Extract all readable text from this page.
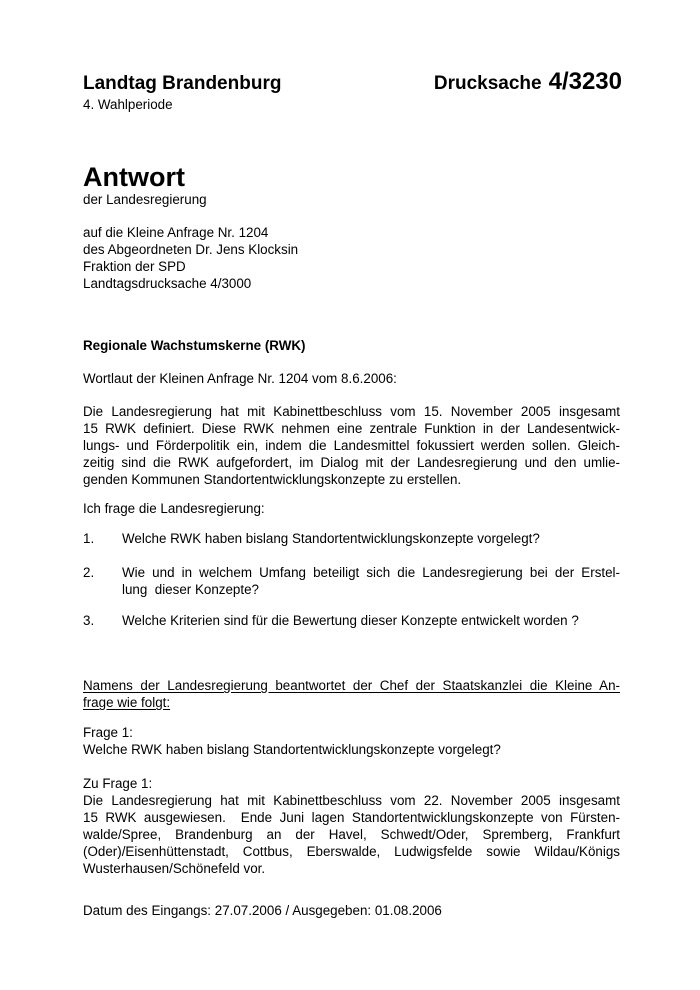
Landtag Brandenburg	Drucksache 4/3230
4. Wahlperiode
Antwort
der Landesregierung
auf die Kleine Anfrage Nr. 1204
des Abgeordneten Dr. Jens Klocksin
Fraktion der SPD
Landtagsdrucksache 4/3000
Regionale Wachstumskerne (RWK)
Wortlaut der Kleinen Anfrage Nr. 1204 vom 8.6.2006:
Die Landesregierung hat mit Kabinettbeschluss vom 15. November 2005 insgesamt
15 RWK definiert. Diese RWK nehmen eine zentrale Funktion in der Landesentwick-
lungs- und Förderpolitik ein, indem die Landesmittel fokussiert werden sollen. Gleich-
zeitig sind die RWK aufgefordert, im Dialog mit der Landesregierung und den umlie-
genden Kommunen Standortentwicklungskonzepte zu erstellen.
Ich frage die Landesregierung:
1.	Welche RWK haben bislang Standortentwicklungskonzepte vorgelegt?
2.	Wie und in welchem Umfang beteiligt sich die Landesregierung bei der Erstel-
lung  dieser Konzepte?
3.	Welche Kriterien sind für die Bewertung dieser Konzepte entwickelt worden ?
Namens der Landesregierung beantwortet der Chef der Staatskanzlei die Kleine An-
frage wie folgt:
Frage 1:
Welche RWK haben bislang Standortentwicklungskonzepte vorgelegt?
Zu Frage 1:
Die Landesregierung hat mit Kabinettbeschluss vom 22. November 2005 insgesamt
15 RWK ausgewiesen.  Ende Juni lagen Standortentwicklungskonzepte von Fürsten-
walde/Spree, Brandenburg an der Havel, Schwedt/Oder, Spremberg, Frankfurt
(Oder)/Eisenhüttenstadt, Cottbus, Eberswalde, Ludwigsfelde sowie Wildau/Königs
Wusterhausen/Schönefeld vor.
Datum des Eingangs: 27.07.2006 / Ausgegeben: 01.08.2006
